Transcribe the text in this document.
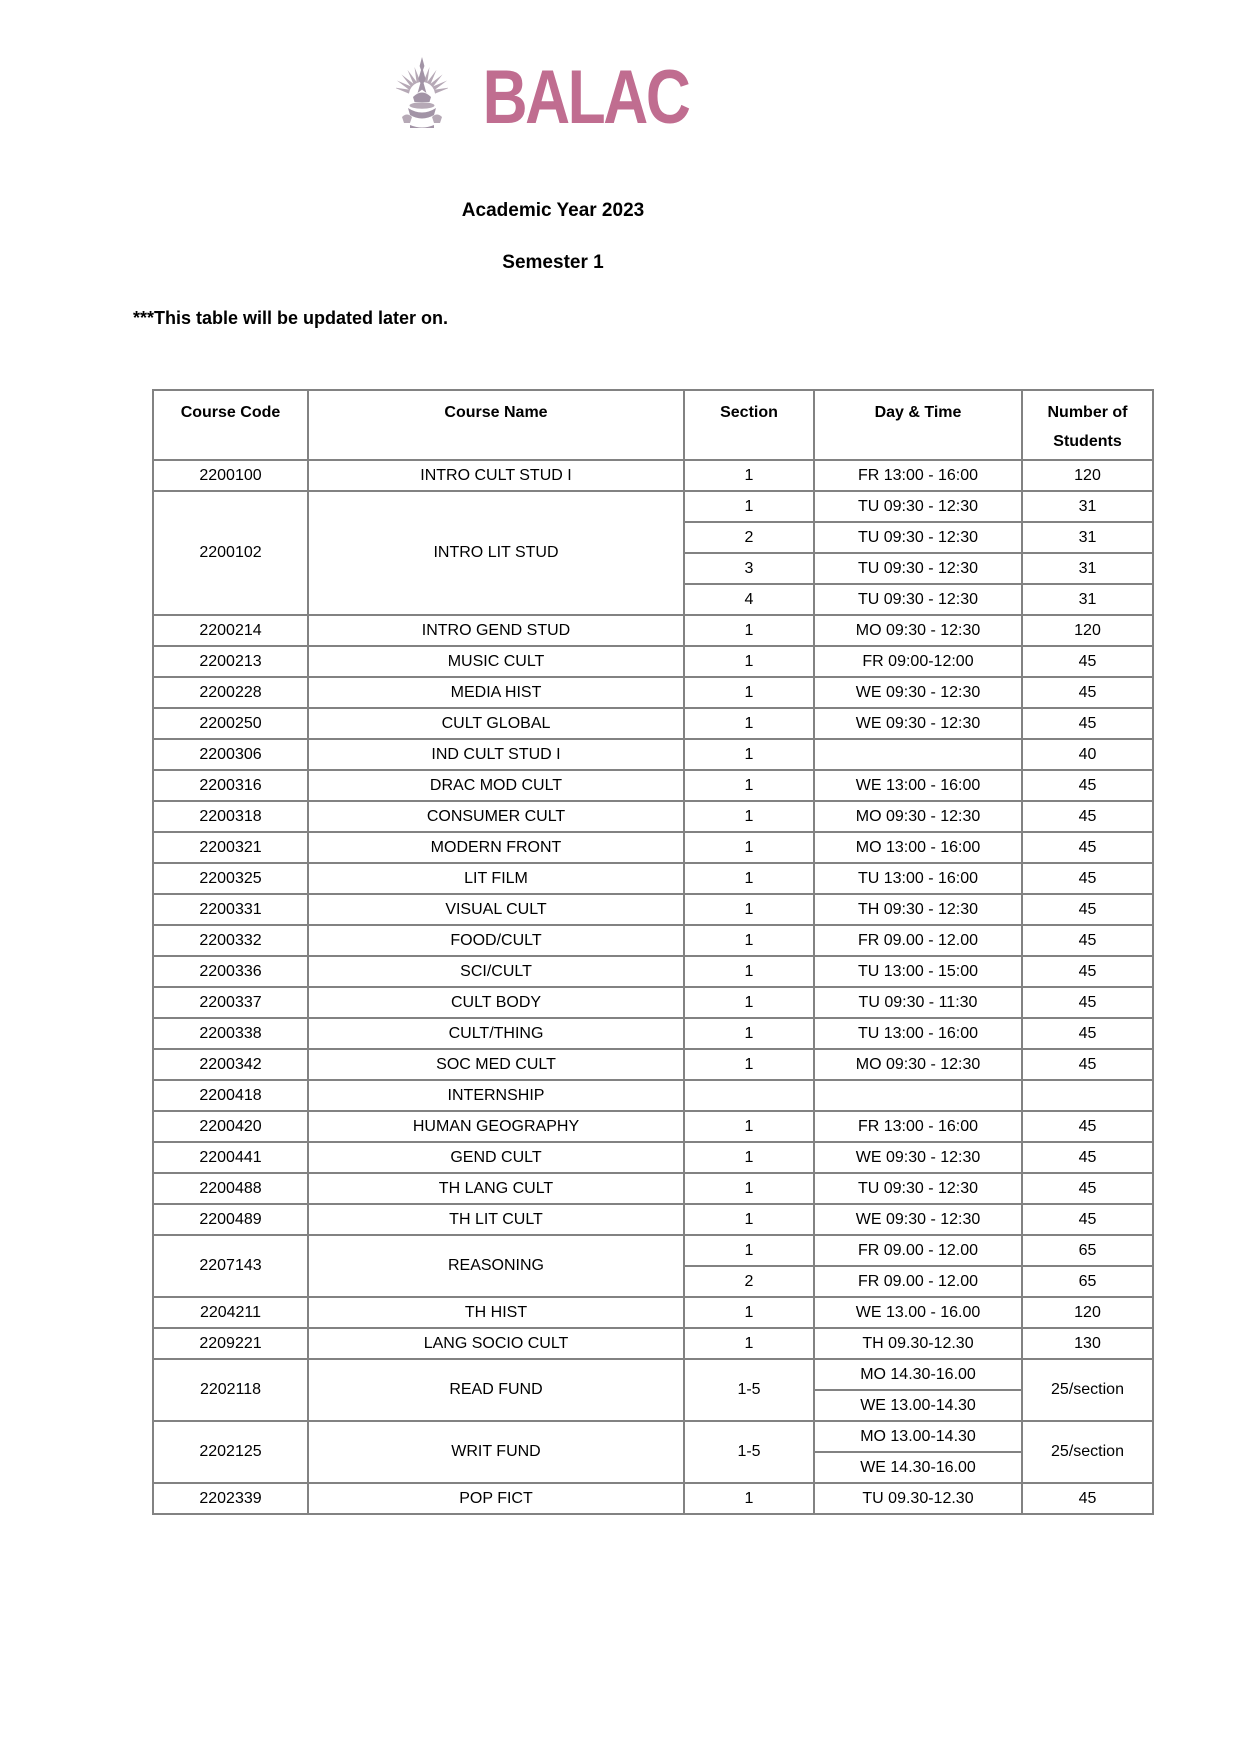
BALAC
Academic Year 2023
Semester 1
***This table will be updated later on.
Course Code	Course Name	Section	Day & Time	Number of
Students

2200100	INTRO CULT STUD I	1	FR 13:00 - 16:00	120
2200102	INTRO LIT STUD	1	TU 09:30 - 12:30	31
		2	TU 09:30 - 12:30	31
		3	TU 09:30 - 12:30	31
		4	TU 09:30 - 12:30	31
2200214	INTRO GEND STUD	1	MO 09:30 - 12:30	120
2200213	MUSIC CULT	1	FR 09:00-12:00	45
2200228	MEDIA HIST	1	WE 09:30 - 12:30	45
2200250	CULT GLOBAL	1	WE 09:30 - 12:30	45
2200306	IND CULT STUD I	1		40
2200316	DRAC MOD CULT	1	WE 13:00 - 16:00	45
2200318	CONSUMER CULT	1	MO 09:30 - 12:30	45
2200321	MODERN FRONT	1	MO 13:00 - 16:00	45
2200325	LIT FILM	1	TU 13:00 - 16:00	45
2200331	VISUAL CULT	1	TH 09:30 - 12:30	45
2200332	FOOD/CULT	1	FR 09.00 - 12.00	45
2200336	SCI/CULT	1	TU 13:00 - 15:00	45
2200337	CULT BODY	1	TU 09:30 - 11:30	45
2200338	CULT/THING	1	TU 13:00 - 16:00	45
2200342	SOC MED CULT	1	MO 09:30 - 12:30	45
2200418	INTERNSHIP			
2200420	HUMAN GEOGRAPHY	1	FR 13:00 - 16:00	45
2200441	GEND CULT	1	WE 09:30 - 12:30	45
2200488	TH LANG CULT	1	TU 09:30 - 12:30	45
2200489	TH LIT CULT	1	WE 09:30 - 12:30	45
2207143	REASONING	1	FR 09.00 - 12.00	65
		2	FR 09.00 - 12.00	65
2204211	TH HIST	1	WE 13.00 - 16.00	120
2209221	LANG SOCIO CULT	1	TH 09.30-12.30	130
2202118	READ FUND	1-5	MO 14.30-16.00	25/section
			WE 13.00-14.30	
2202125	WRIT FUND	1-5	MO 13.00-14.30	25/section
			WE 14.30-16.00	
2202339	POP FICT	1	TU 09.30-12.30	45
